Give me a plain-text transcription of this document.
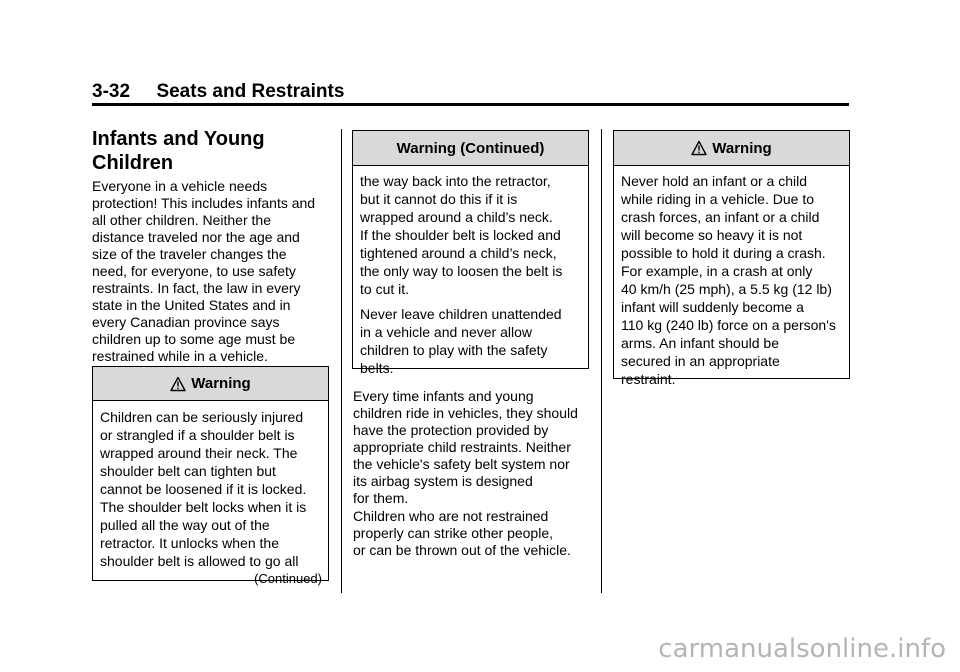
3-32 Seats and Restraints
Infants and Young
Children
Everyone in a vehicle needs
protection! This includes infants and
all other children. Neither the
distance traveled nor the age and
size of the traveler changes the
need, for everyone, to use safety
restraints. In fact, the law in every
state in the United States and in
every Canadian province says
children up to some age must be
restrained while in a vehicle.
Warning
Children can be seriously injured
or strangled if a shoulder belt is
wrapped around their neck. The
shoulder belt can tighten but
cannot be loosened if it is locked.
The shoulder belt locks when it is
pulled all the way out of the
retractor. It unlocks when the
shoulder belt is allowed to go all
(Continued)
Warning (Continued)
the way back into the retractor,
but it cannot do this if it is
wrapped around a child’s neck.
If the shoulder belt is locked and
tightened around a child’s neck,
the only way to loosen the belt is
to cut it.
Never leave children unattended
in a vehicle and never allow
children to play with the safety
belts.
Every time infants and young
children ride in vehicles, they should
have the protection provided by
appropriate child restraints. Neither
the vehicle's safety belt system nor
its airbag system is designed
for them.
Children who are not restrained
properly can strike other people,
or can be thrown out of the vehicle.
Warning
Never hold an infant or a child
while riding in a vehicle. Due to
crash forces, an infant or a child
will become so heavy it is not
possible to hold it during a crash.
For example, in a crash at only
40 km/h (25 mph), a 5.5 kg (12 lb)
infant will suddenly become a
110 kg (240 lb) force on a person's
arms. An infant should be
secured in an appropriate
restraint.
carmanualsonline.info
